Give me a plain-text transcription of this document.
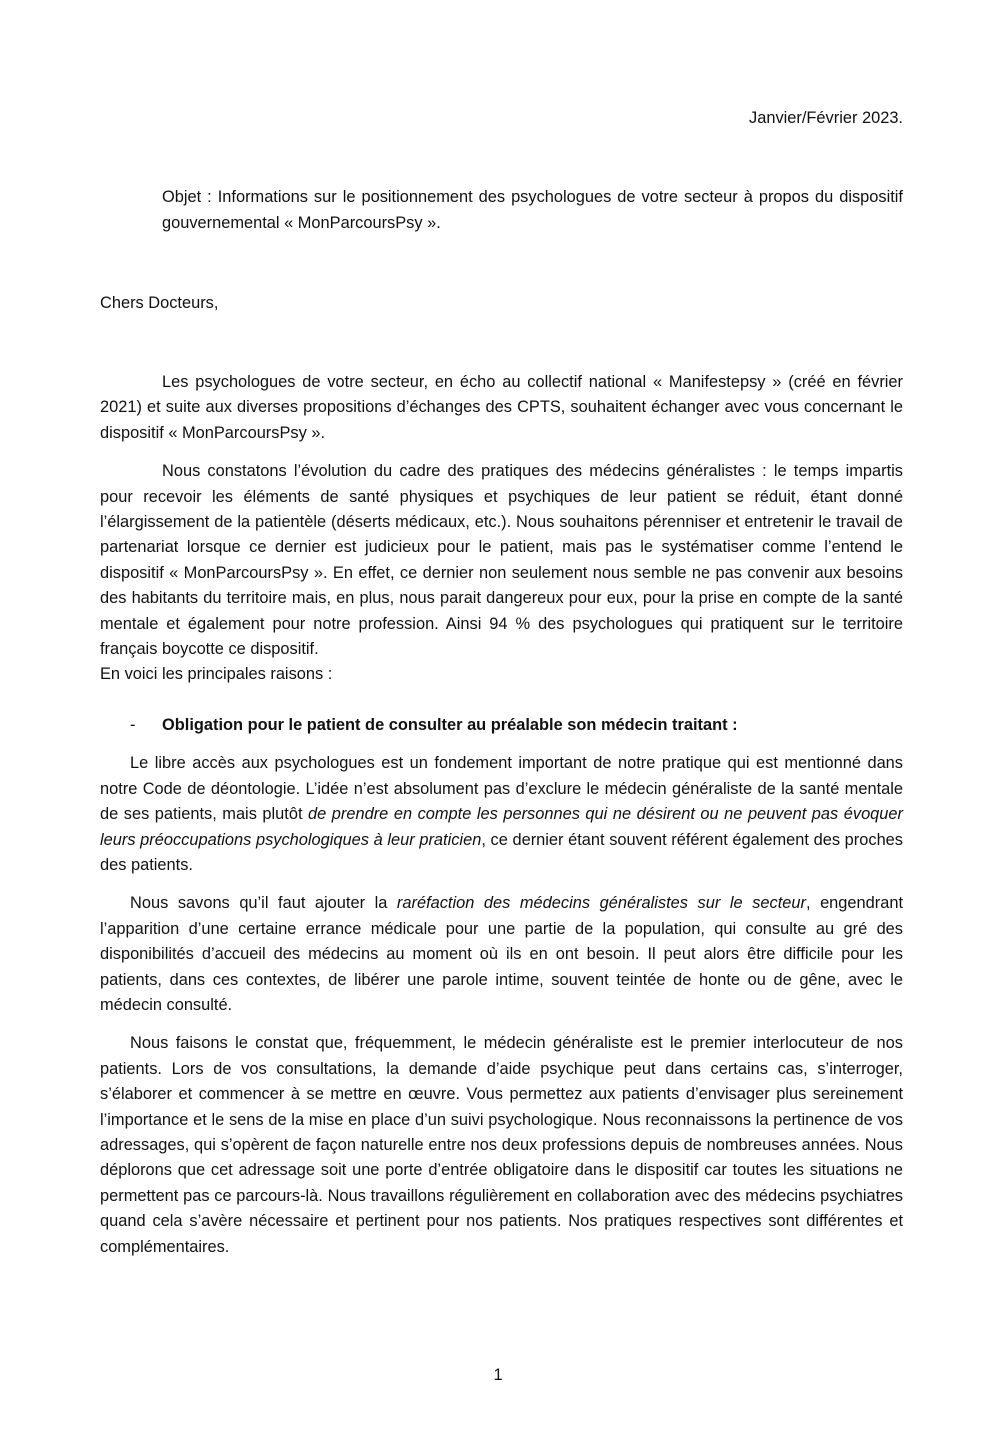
Janvier/Février 2023.
Objet : Informations sur le positionnement des psychologues de votre secteur à propos du dispositif gouvernemental « MonParcoursPsy ».
Chers Docteurs,

Les psychologues de votre secteur, en écho au collectif national « Manifestepsy » (créé en février 2021) et suite aux diverses propositions d’échanges des CPTS, souhaitent échanger avec vous concernant le dispositif « MonParcoursPsy ».

Nous constatons l’évolution du cadre des pratiques des médecins généralistes : le temps impartis pour recevoir les éléments de santé physiques et psychiques de leur patient se réduit, étant donné l’élargissement de la patientèle (déserts médicaux, etc.). Nous souhaitons pérenniser et entretenir le travail de partenariat lorsque ce dernier est judicieux pour le patient, mais pas le systématiser comme l’entend le dispositif « MonParcoursPsy ». En effet, ce dernier non seulement nous semble ne pas convenir aux besoins des habitants du territoire mais, en plus, nous parait dangereux pour eux, pour la prise en compte de la santé mentale et également pour notre profession. Ainsi 94 % des psychologues qui pratiquent sur le territoire français boycotte ce dispositif.

En voici les principales raisons :

-	Obligation pour le patient de consulter au préalable son médecin traitant :

Le libre accès aux psychologues est un fondement important de notre pratique qui est mentionné dans notre Code de déontologie. L’idée n’est absolument pas d’exclure le médecin généraliste de la santé mentale de ses patients, mais plutôt de prendre en compte les personnes qui ne désirent ou ne peuvent pas évoquer leurs préoccupations psychologiques à leur praticien, ce dernier étant souvent référent également des proches des patients.

Nous savons qu’il faut ajouter la raréfaction des médecins généralistes sur le secteur, engendrant l’apparition d’une certaine errance médicale pour une partie de la population, qui consulte au gré des disponibilités d’accueil des médecins au moment où ils en ont besoin. Il peut alors être difficile pour les patients, dans ces contextes, de libérer une parole intime, souvent teintée de honte ou de gêne, avec le médecin consulté.

Nous faisons le constat que, fréquemment, le médecin généraliste est le premier interlocuteur de nos patients. Lors de vos consultations, la demande d’aide psychique peut dans certains cas, s’interroger, s’élaborer et commencer à se mettre en œuvre. Vous permettez aux patients d’envisager plus sereinement l’importance et le sens de la mise en place d’un suivi psychologique. Nous reconnaissons la pertinence de vos adressages, qui s’opèrent de façon naturelle entre nos deux professions depuis de nombreuses années. Nous déplorons que cet adressage soit une porte d’entrée obligatoire dans le dispositif car toutes les situations ne permettent pas ce parcours-là. Nous travaillons régulièrement en collaboration avec des médecins psychiatres quand cela s’avère nécessaire et pertinent pour nos patients. Nos pratiques respectives sont différentes et complémentaires.

1
